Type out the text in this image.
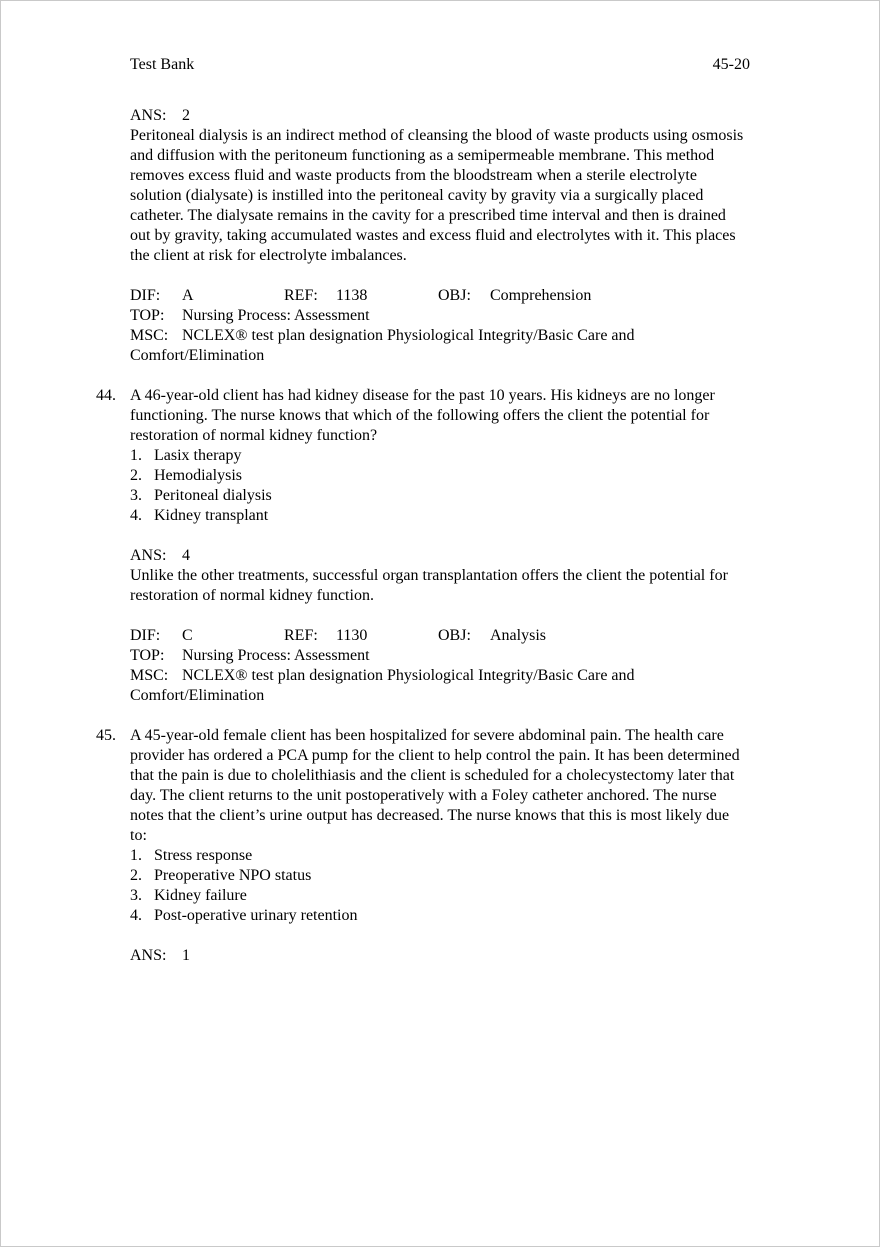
Test Bank	45-20
ANS: 2

Peritoneal dialysis is an indirect method of cleansing the blood of waste products using osmosis and diffusion with the peritoneum functioning as a semipermeable membrane. This method removes excess fluid and waste products from the bloodstream when a sterile electrolyte solution (dialysate) is instilled into the peritoneal cavity by gravity via a surgically placed catheter. The dialysate remains in the cavity for a prescribed time interval and then is drained out by gravity, taking accumulated wastes and excess fluid and electrolytes with it. This places the client at risk for electrolyte imbalances.

DIF: A	REF: 1138	OBJ: Comprehension
TOP: Nursing Process: Assessment

MSC: NCLEX® test plan designation Physiological Integrity/Basic Care and Comfort/Elimination

44. A 46-year-old client has had kidney disease for the past 10 years. His kidneys are no longer functioning. The nurse knows that which of the following offers the client the potential for restoration of normal kidney function?

1. Lasix therapy
2. Hemodialysis
3. Peritoneal dialysis
4. Kidney transplant
ANS: 4

Unlike the other treatments, successful organ transplantation offers the client the potential for restoration of normal kidney function.

DIF: C	REF: 1130	OBJ: Analysis
TOP: Nursing Process: Assessment

MSC: NCLEX® test plan designation Physiological Integrity/Basic Care and Comfort/Elimination

45. A 45-year-old female client has been hospitalized for severe abdominal pain. The health care provider has ordered a PCA pump for the client to help control the pain. It has been determined that the pain is due to cholelithiasis and the client is scheduled for a cholecystectomy later that day. The client returns to the unit postoperatively with a Foley catheter anchored. The nurse notes that the client’s urine output has decreased. The nurse knows that this is most likely due to:

1. Stress response
2. Preoperative NPO status
3. Kidney failure
4. Post-operative urinary retention
ANS: 1
